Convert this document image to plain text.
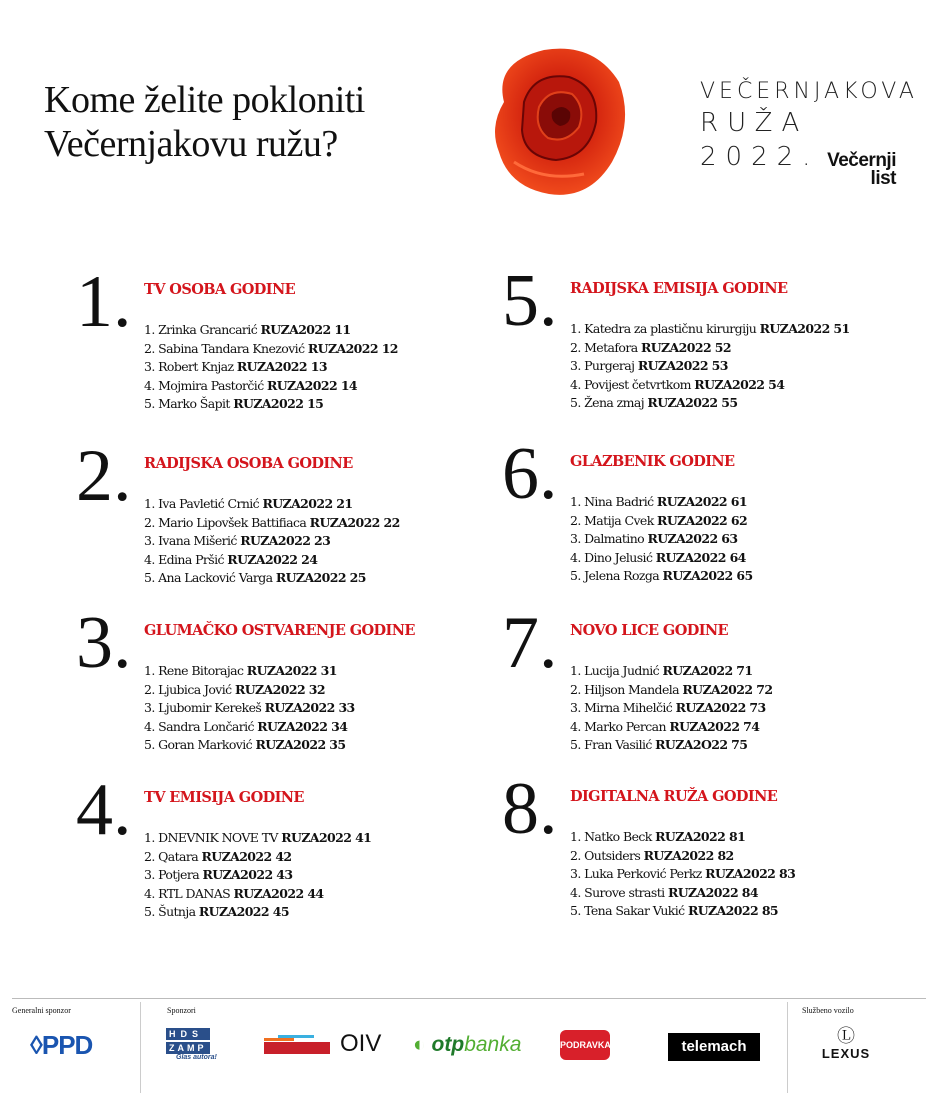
Kome želite pokloniti
Večernjakovu ružu?
VEČERNJAKOVA
RUŽA 2022. Večernji
list
1. TV OSOBA GODINE
1. Zrinka Grancarić RUZA2022 11
2. Sabina Tandara Knezović RUZA2022 12
3. Robert Knjaz RUZA2022 13
4. Mojmira Pastorčić RUZA2022 14
5. Marko Šapit RUZA2022 15
2. RADIJSKA OSOBA GODINE
1. Iva Pavletić Crnić RUZA2022 21
2. Mario Lipovšek Battifiaca RUZA2022 22
3. Ivana Mišerić RUZA2022 23
4. Edina Pršić RUZA2022 24
5. Ana Lacković Varga RUZA2022 25
3. GLUMAČKO OSTVARENJE GODINE
1. Rene Bitorajac RUZA2022 31
2. Ljubica Jović RUZA2022 32
3. Ljubomir Kerekeš RUZA2022 33
4. Sandra Lončarić RUZA2022 34
5. Goran Marković RUZA2022 35
4. TV EMISIJA GODINE
1. DNEVNIK NOVE TV RUZA2022 41
2. Qatara RUZA2022 42
3. Potjera RUZA2022 43
4. RTL DANAS RUZA2022 44
5. Šutnja RUZA2022 45
5. RADIJSKA EMISIJA GODINE
1. Katedra za plastičnu kirurgiju RUZA2022 51
2. Metafora RUZA2022 52
3. Purgeraj RUZA2022 53
4. Povijest četvrtkom RUZA2022 54
5. Žena zmaj RUZA2022 55
6. GLAZBENIK GODINE
1. Nina Badrić RUZA2022 61
2. Matija Cvek RUZA2022 62
3. Dalmatino RUZA2022 63
4. Dino Jelusić RUZA2022 64
5. Jelena Rozga RUZA2022 65
7. NOVO LICE GODINE
1. Lucija Judnić RUZA2022 71
2. Hiljson Mandela RUZA2022 72
3. Mirna Mihelčić RUZA2022 73
4. Marko Percan RUZA2022 74
5. Fran Vasilić RUZA2O22 75
8. DIGITALNA RUŽA GODINE
1. Natko Beck RUZA2022 81
2. Outsiders RUZA2022 82
3. Luka Perković Perkz RUZA2022 83
4. Surove strasti RUZA2022 84
5. Tena Sakar Vukić RUZA2022 85
Generalni sponzor	Sponzori	Službeno vozilo
◊PPD	HDS
ZAMP
Glas autora!
OIV ◐ otpbanka	PODRAVKA	telemach
Ⓛ
LEXUS
